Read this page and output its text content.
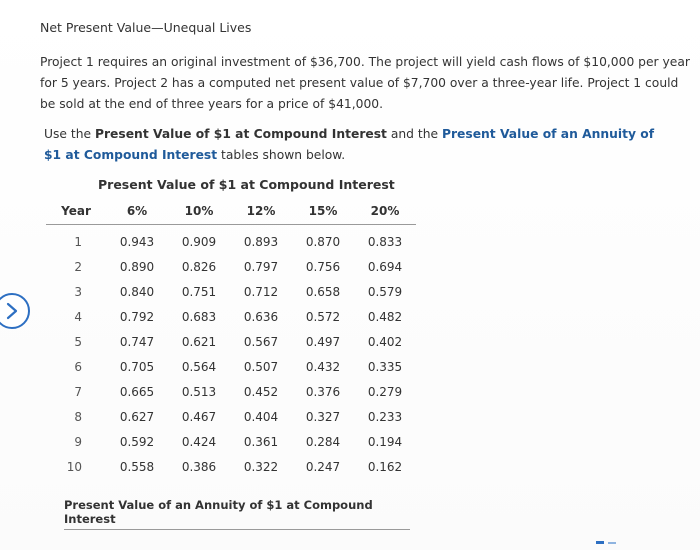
Net Present Value—Unequal Lives
Project 1 requires an original investment of $36,700. The project will yield cash flows of $10,000 per year for 5 years. Project 2 has a computed net present value of $7,700 over a three-year life. Project 1 could be sold at the end of three years for a price of $41,000.
Use the Present Value of $1 at Compound Interest and the Present Value of an Annuity of $1 at Compound Interest tables shown below.
Present Value of $1 at Compound Interest
Year	6%	10%	12%	15%	20%
1	0.943	0.909	0.893	0.870	0.833
2	0.890	0.826	0.797	0.756	0.694
3	0.840	0.751	0.712	0.658	0.579
4	0.792	0.683	0.636	0.572	0.482
5	0.747	0.621	0.567	0.497	0.402
6	0.705	0.564	0.507	0.432	0.335
7	0.665	0.513	0.452	0.376	0.279
8	0.627	0.467	0.404	0.327	0.233
9	0.592	0.424	0.361	0.284	0.194
10	0.558	0.386	0.322	0.247	0.162
Present Value of an Annuity of $1 at Compound Interest
